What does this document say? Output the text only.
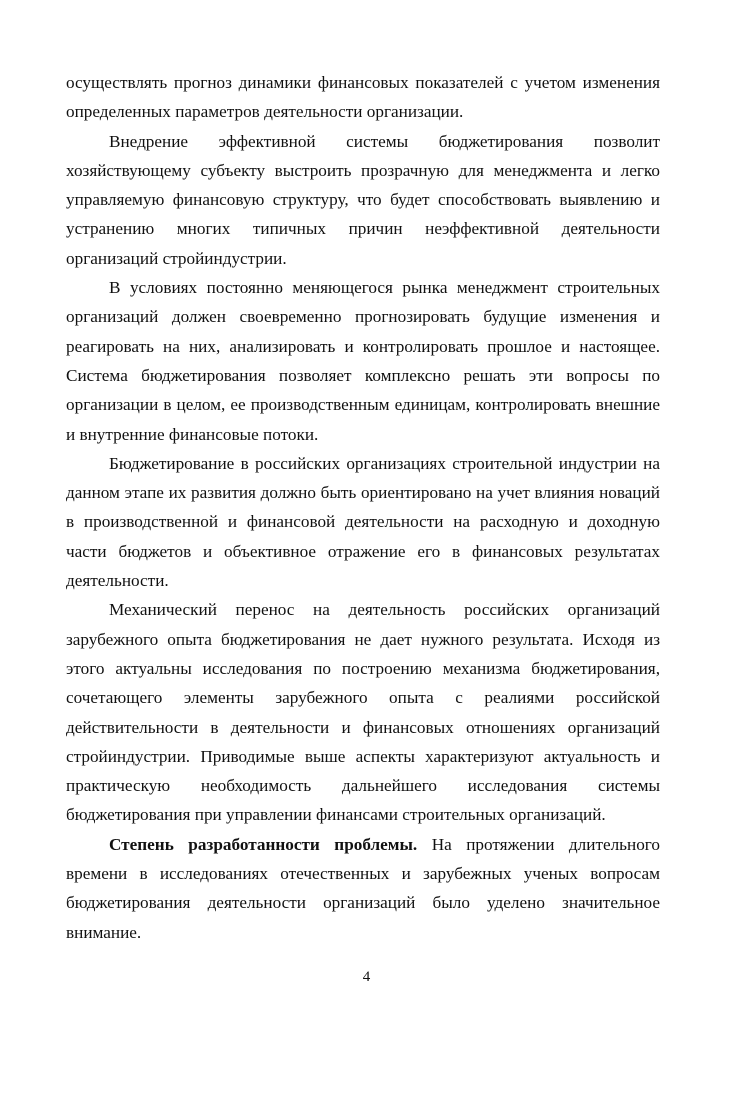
осуществлять прогноз динамики финансовых показателей с учетом изменения определенных параметров деятельности организации.

Внедрение эффективной системы бюджетирования позволит хозяйствующему субъекту выстроить прозрачную для менеджмента и легко управляемую финансовую структуру, что будет способствовать выявлению и устранению многих типичных причин неэффективной деятельности организаций стройиндустрии.

В условиях постоянно меняющегося рынка менеджмент строительных организаций должен своевременно прогнозировать будущие изменения и реагировать на них, анализировать и контролировать прошлое и настоящее. Система бюджетирования позволяет комплексно решать эти вопросы по организации в целом, ее производственным единицам, контролировать внешние и внутренние финансовые потоки.

Бюджетирование в российских организациях строительной индустрии на данном этапе их развития должно быть ориентировано на учет влияния новаций в производственной и финансовой деятельности на расходную и доходную части бюджетов и объективное отражение его в финансовых результатах деятельности.

Механический перенос на деятельность российских организаций зарубежного опыта бюджетирования не дает нужного результата. Исходя из этого актуальны исследования по построению механизма бюджетирования, сочетающего элементы зарубежного опыта с реалиями российской действительности в деятельности и финансовых отношениях организаций стройиндустрии. Приводимые выше аспекты характеризуют актуальность и практическую необходимость дальнейшего исследования системы бюджетирования при управлении финансами строительных организаций.

Степень разработанности проблемы. На протяжении длительного времени в исследованиях отечественных и зарубежных ученых вопросам бюджетирования деятельности организаций было уделено значительное внимание.

4
